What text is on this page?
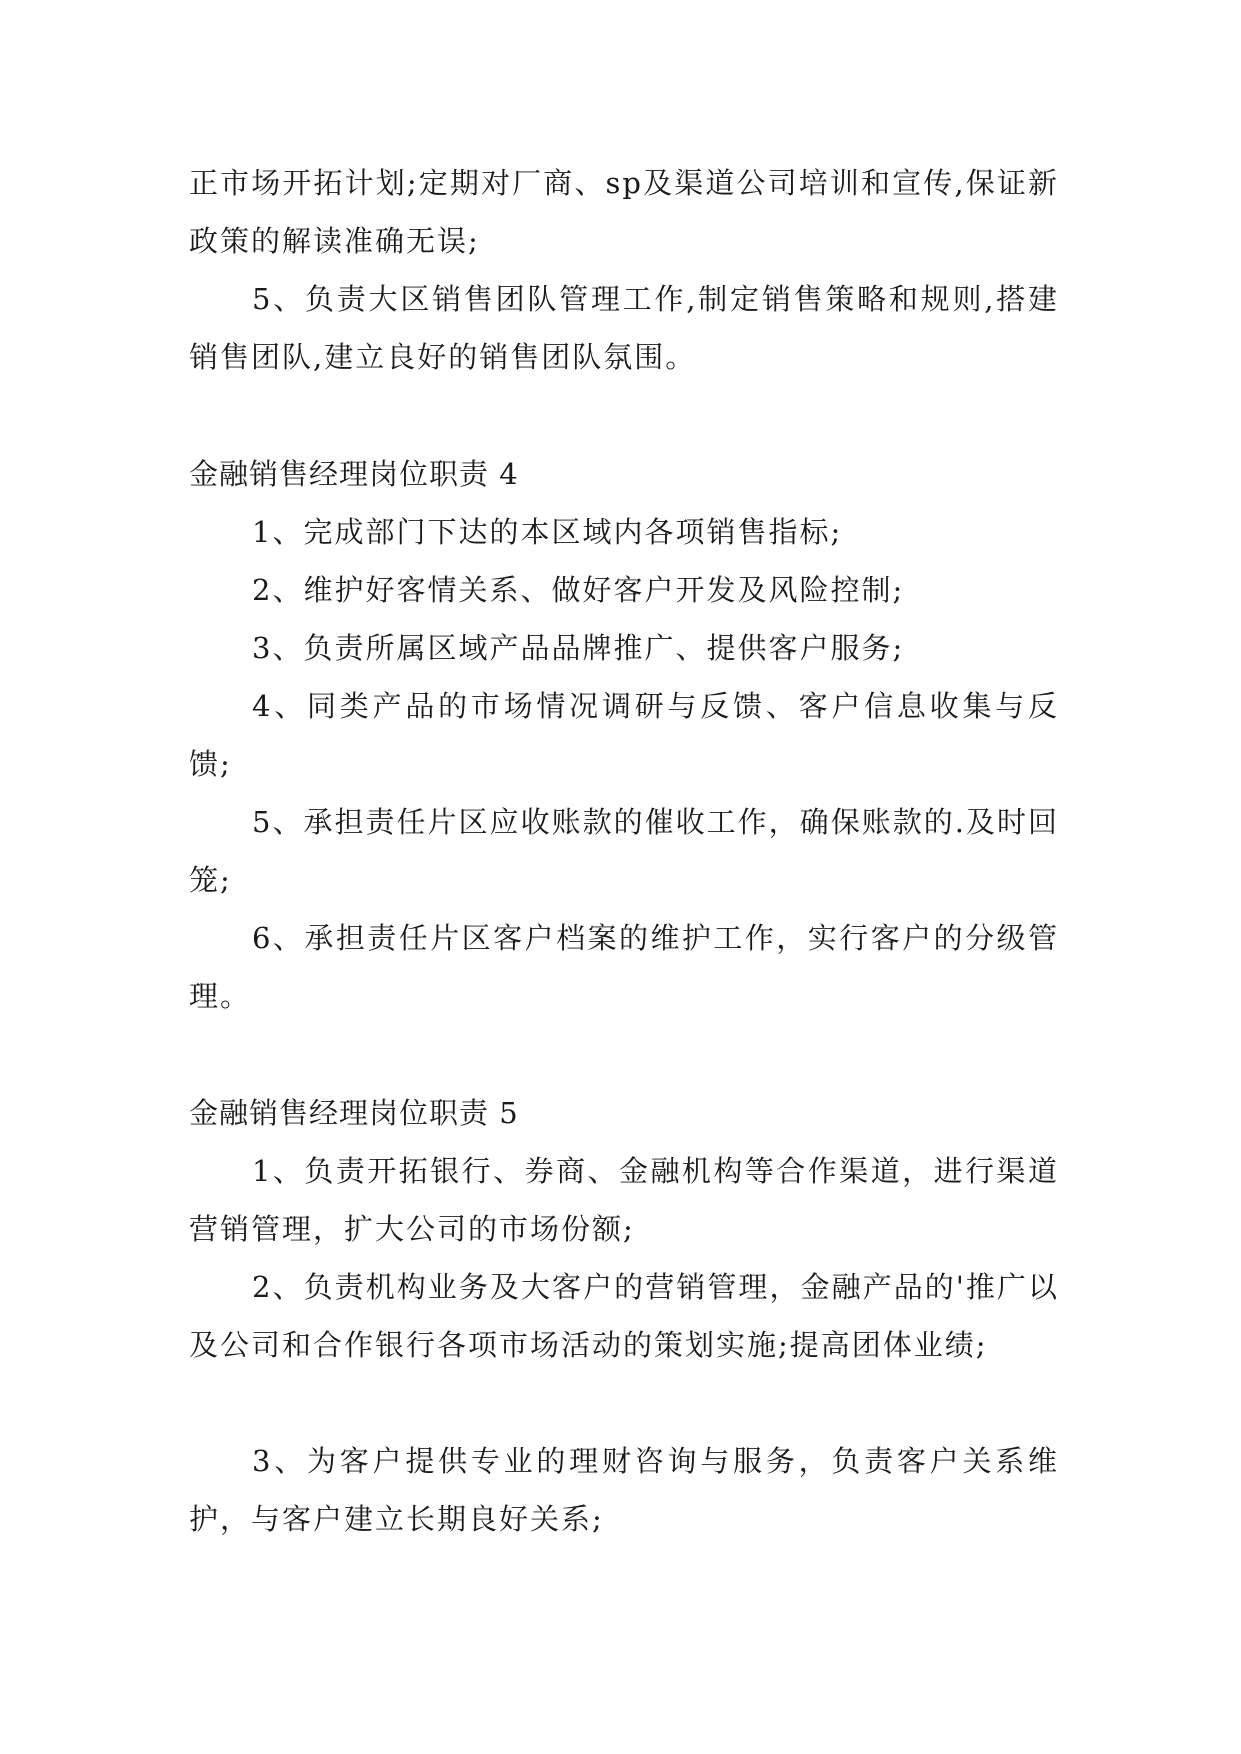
正市场开拓计划;定期对厂商、sp及渠道公司培训和宣传,保证新政策的解读准确无误;

5、负责大区销售团队管理工作,制定销售策略和规则,搭建销售团队,建立良好的销售团队氛围。

金融销售经理岗位职责 4

1、完成部门下达的本区域内各项销售指标;

2、维护好客情关系、做好客户开发及风险控制;

3、负责所属区域产品品牌推广、提供客户服务;

4、同类产品的市场情况调研与反馈、客户信息收集与反馈;

5、承担责任片区应收账款的催收工作，确保账款的.及时回笼;

6、承担责任片区客户档案的维护工作，实行客户的分级管理。

金融销售经理岗位职责 5

1、负责开拓银行、券商、金融机构等合作渠道，进行渠道营销管理，扩大公司的市场份额;

2、负责机构业务及大客户的营销管理，金融产品的'推广以及公司和合作银行各项市场活动的策划实施;提高团体业绩;

3、为客户提供专业的理财咨询与服务，负责客户关系维护，与客户建立长期良好关系;
